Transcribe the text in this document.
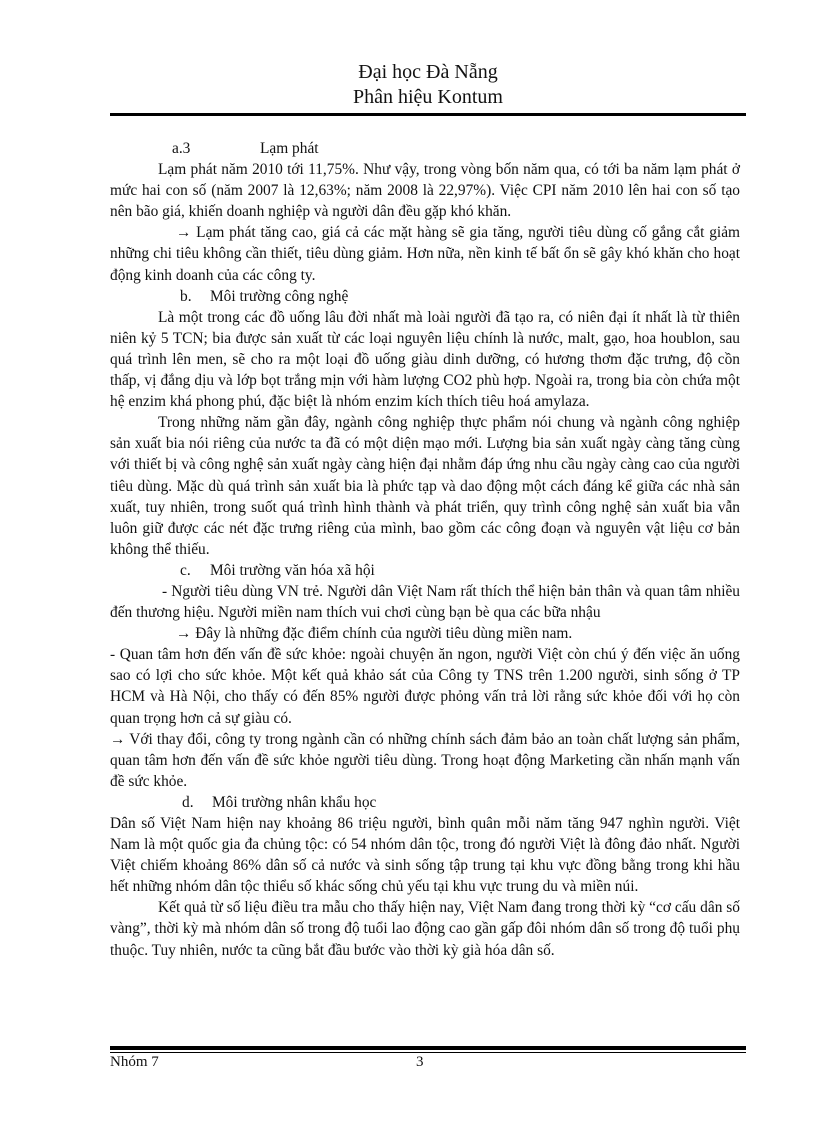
Đại học Đà Nẵng
Phân hiệu Kontum

a.3	Lạm phát

Lạm phát năm 2010 tới 11,75%. Như vậy, trong vòng bốn năm qua, có tới ba năm lạm phát ở mức hai con số (năm 2007 là 12,63%; năm 2008 là 22,97%). Việc CPI năm 2010 lên hai con số tạo nên bão giá, khiến doanh nghiệp và người dân đều gặp khó khăn.

→ Lạm phát tăng cao, giá cả các mặt hàng sẽ gia tăng, người tiêu dùng cố gắng cắt giảm những chi tiêu không cần thiết, tiêu dùng giảm. Hơn nữa, nền kinh tế bất ổn sẽ gây khó khăn cho hoạt động kinh doanh của các công ty.

b. Môi trường công nghệ

Là một trong các đồ uống lâu đời nhất mà loài người đã tạo ra, có niên đại ít nhất là từ thiên niên kỷ 5 TCN; bia được sản xuất từ các loại nguyên liệu chính là nước, malt, gạo, hoa houblon, sau quá trình lên men, sẽ cho ra một loại đồ uống giàu dinh dưỡng, có hương thơm đặc trưng, độ cồn thấp, vị đắng dịu và lớp bọt trắng mịn với hàm lượng CO2 phù hợp. Ngoài ra, trong bia còn chứa một hệ enzim khá phong phú, đặc biệt là nhóm enzim kích thích tiêu hoá amylaza.

Trong những năm gần đây, ngành công nghiệp thực phẩm nói chung và ngành công nghiệp sản xuất bia nói riêng của nước ta đã có một diện mạo mới. Lượng bia sản xuất ngày càng tăng cùng với thiết bị và công nghệ sản xuất ngày càng hiện đại nhằm đáp ứng nhu cầu ngày càng cao của người tiêu dùng. Mặc dù quá trình sản xuất bia là phức tạp và dao động một cách đáng kể giữa các nhà sản xuất, tuy nhiên, trong suốt quá trình hình thành và phát triển, quy trình công nghệ sản xuất bia vẫn luôn giữ được các nét đặc trưng riêng của mình, bao gồm các công đoạn và nguyên vật liệu cơ bản không thể thiếu.

c. Môi trường văn hóa xã hội

- Người tiêu dùng VN trẻ. Người dân Việt Nam rất thích thể hiện bản thân và quan tâm nhiều đến thương hiệu. Người miền nam thích vui chơi cùng bạn bè qua các bữa nhậu

→ Đây là những đặc điểm chính của người tiêu dùng miền nam.

- Quan tâm hơn đến vấn đề sức khỏe: ngoài chuyện ăn ngon, người Việt còn chú ý đến việc ăn uống sao có lợi cho sức khỏe. Một kết quả khảo sát của Công ty TNS trên 1.200 người, sinh sống ở TP HCM và Hà Nội, cho thấy có đến 85% người được phỏng vấn trả lời rằng sức khỏe đối với họ còn quan trọng hơn cả sự giàu có.

→ Với thay đổi, công ty trong ngành cần có những chính sách đảm bảo an toàn chất lượng sản phẩm, quan tâm hơn đến vấn đề sức khỏe người tiêu dùng. Trong hoạt động Marketing cần nhấn mạnh vấn đề sức khỏe.

d. Môi trường nhân khẩu học

Dân số Việt Nam hiện nay khoảng 86 triệu người, bình quân mỗi năm tăng 947 nghìn người. Việt Nam là một quốc gia đa chủng tộc: có 54 nhóm dân tộc, trong đó người Việt là đông đảo nhất. Người Việt chiếm khoảng 86% dân số cả nước và sinh sống tập trung tại khu vực đồng bằng trong khi hầu hết những nhóm dân tộc thiểu số khác sống chủ yếu tại khu vực trung du và miền núi.

Kết quả từ số liệu điều tra mẫu cho thấy hiện nay, Việt Nam đang trong thời kỳ “cơ cấu dân số vàng”, thời kỳ mà nhóm dân số trong độ tuổi lao động cao gần gấp đôi nhóm dân số trong độ tuổi phụ thuộc. Tuy nhiên, nước ta cũng bắt đầu bước vào thời kỳ già hóa dân số.

Nhóm 7	3
